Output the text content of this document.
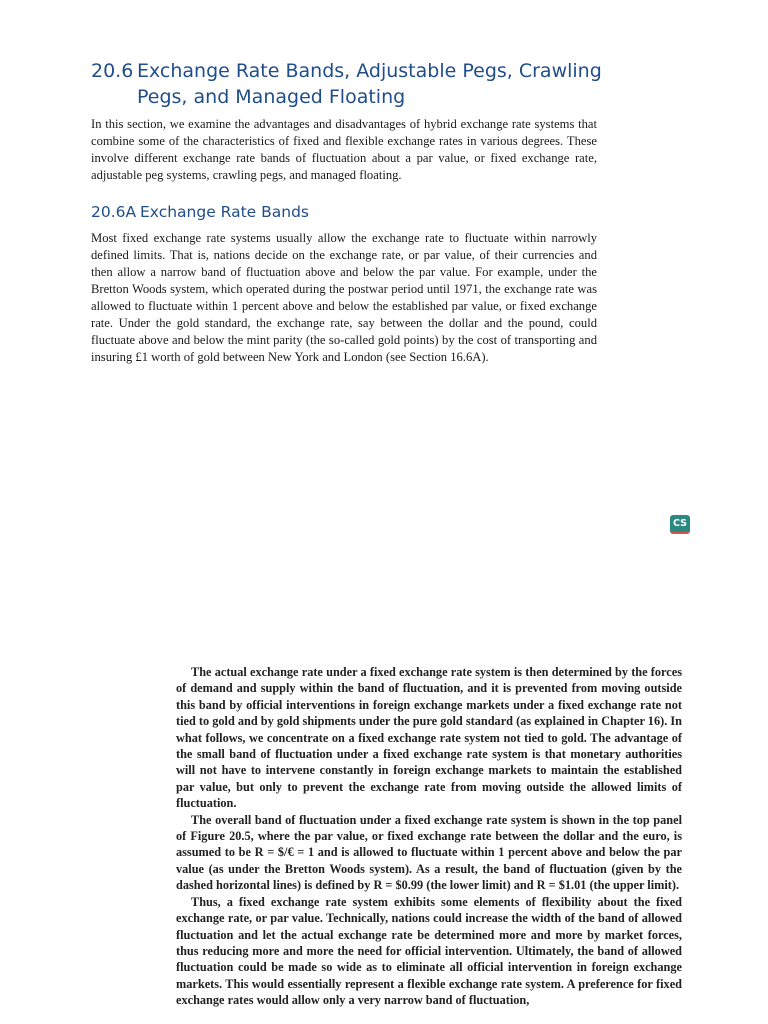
20.6 Exchange Rate Bands, Adjustable Pegs, Crawling
Pegs, and Managed Floating

In this section, we examine the advantages and disadvantages of hybrid exchange rate systems that combine some of the characteristics of fixed and flexible exchange rates in various degrees. These involve different exchange rate bands of fluctuation about a par value, or fixed exchange rate, adjustable peg systems, crawling pegs, and managed floating.

20.6A Exchange Rate Bands

Most fixed exchange rate systems usually allow the exchange rate to fluctuate within narrowly defined limits. That is, nations decide on the exchange rate, or par value, of their currencies and then allow a narrow band of fluctuation above and below the par value. For example, under the Bretton Woods system, which operated during the postwar period until 1971, the exchange rate was allowed to fluctuate within 1 percent above and below the established par value, or fixed exchange rate. Under the gold standard, the exchange rate, say between the dollar and the pound, could fluctuate above and below the mint parity (the so-called gold points) by the cost of transporting and insuring £1 worth of gold between New York and London (see Section 16.6A).

CS

The actual exchange rate under a fixed exchange rate system is then determined by the forces of demand and supply within the band of fluctuation, and it is prevented from moving outside this band by official interventions in foreign exchange markets under a fixed exchange rate not tied to gold and by gold shipments under the pure gold standard (as explained in Chapter 16). In what follows, we concentrate on a fixed exchange rate system not tied to gold. The advantage of the small band of fluctuation under a fixed exchange rate system is that monetary authorities will not have to intervene constantly in foreign exchange markets to maintain the established par value, but only to prevent the exchange rate from moving outside the allowed limits of fluctuation.

The overall band of fluctuation under a fixed exchange rate system is shown in the top panel of Figure 20.5, where the par value, or fixed exchange rate between the dollar and the euro, is assumed to be R = $/€ = 1 and is allowed to fluctuate within 1 percent above and below the par value (as under the Bretton Woods system). As a result, the band of fluctuation (given by the dashed horizontal lines) is defined by R = $0.99 (the lower limit) and R = $1.01 (the upper limit).

Thus, a fixed exchange rate system exhibits some elements of flexibility about the fixed exchange rate, or par value. Technically, nations could increase the width of the band of allowed fluctuation and let the actual exchange rate be determined more and more by market forces, thus reducing more and more the need for official intervention. Ultimately, the band of allowed fluctuation could be made so wide as to eliminate all official intervention in foreign exchange markets. This would essentially represent a flexible exchange rate system. A preference for fixed exchange rates would allow only a very narrow band of fluctuation,
